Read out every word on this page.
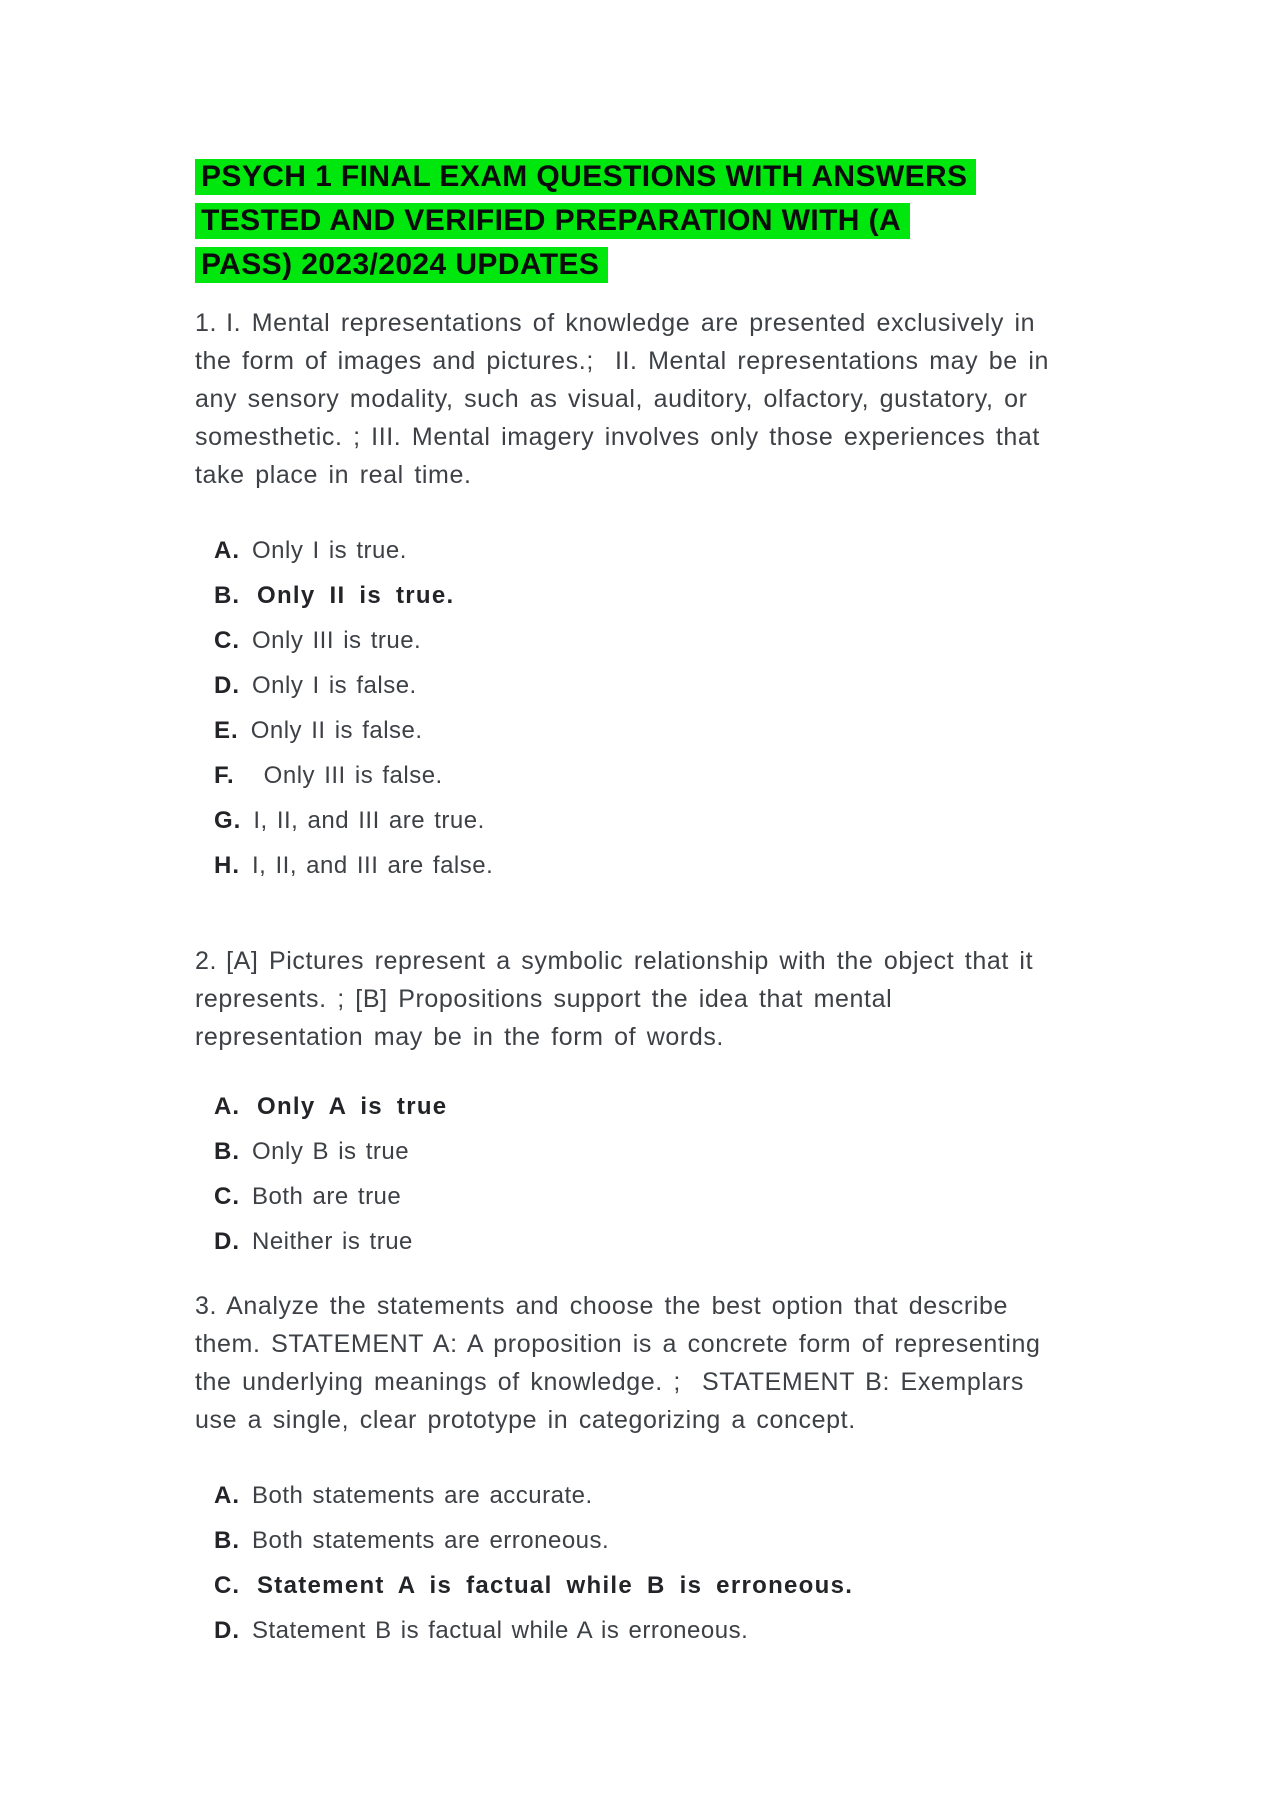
PSYCH 1 FINAL EXAM QUESTIONS WITH ANSWERS
TESTED AND VERIFIED PREPARATION WITH (A
PASS) 2023/2024 UPDATES

1. I. Mental representations of knowledge are presented exclusively in the form of images and pictures.;  II. Mental representations may be in any sensory modality, such as visual, auditory, olfactory, gustatory, or somesthetic. ; III. Mental imagery involves only those experiences that take place in real time.

A. Only I is true.
B. Only II is true.
C. Only III is true.
D. Only I is false.
E. Only II is false.
F. Only III is false.
G. I, II, and III are true.
H. I, II, and III are false.

2. [A] Pictures represent a symbolic relationship with the object that it represents. ; [B] Propositions support the idea that mental representation may be in the form of words.

A. Only A is true
B. Only B is true
C. Both are true
D. Neither is true

3. Analyze the statements and choose the best option that describe them. STATEMENT A: A proposition is a concrete form of representing the underlying meanings of knowledge. ;  STATEMENT B: Exemplars use a single, clear prototype in categorizing a concept.

A. Both statements are accurate.
B. Both statements are erroneous.
C. Statement A is factual while B is erroneous.
D. Statement B is factual while A is erroneous.
